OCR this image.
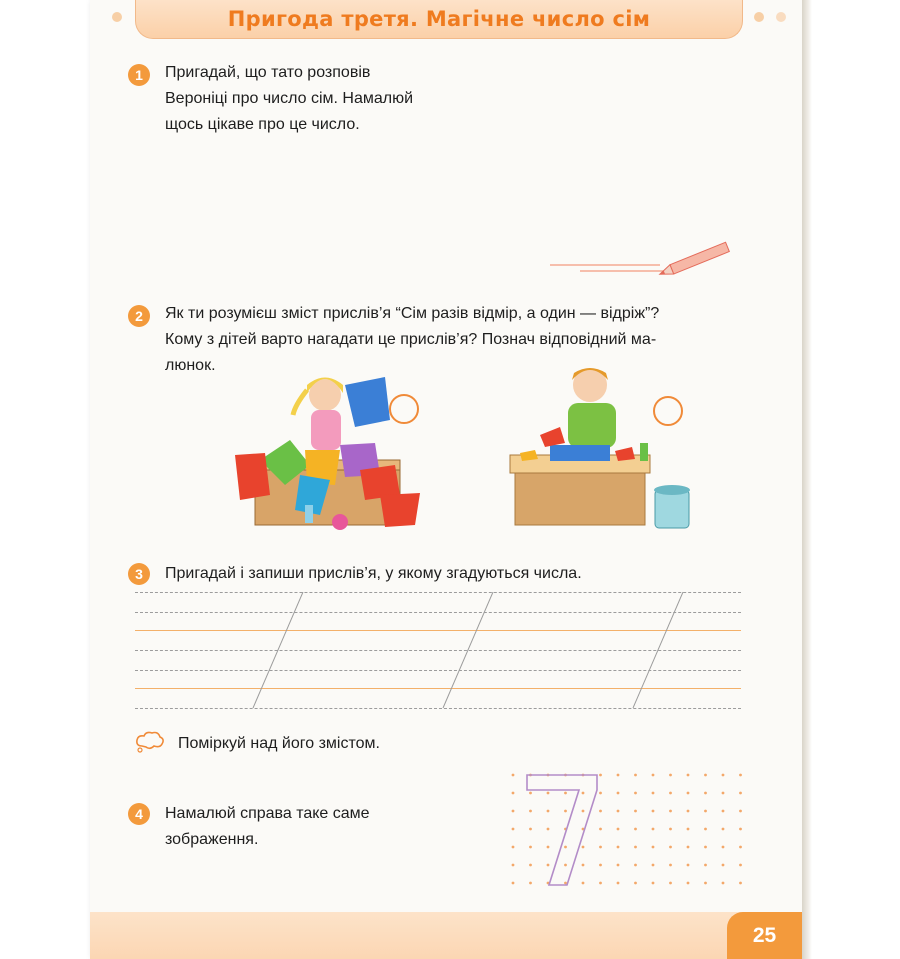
Пригода третя. Магічне число сім
1	Пригадай, що тато розповів
Вероніці про число сім. Намалюй
щось цікаве про це число.
2	Як ти розумієш зміст прислів’я “Сім разів відмір, а один — відріж”?
Кому з дітей варто нагадати це прислів’я? Познач відповідний ма-
люнок.
3	Пригадай і запиши прислів’я, у якому згадуються числа.
Поміркуй над його змістом.
4	Намалюй справа таке саме
зображення.
25
